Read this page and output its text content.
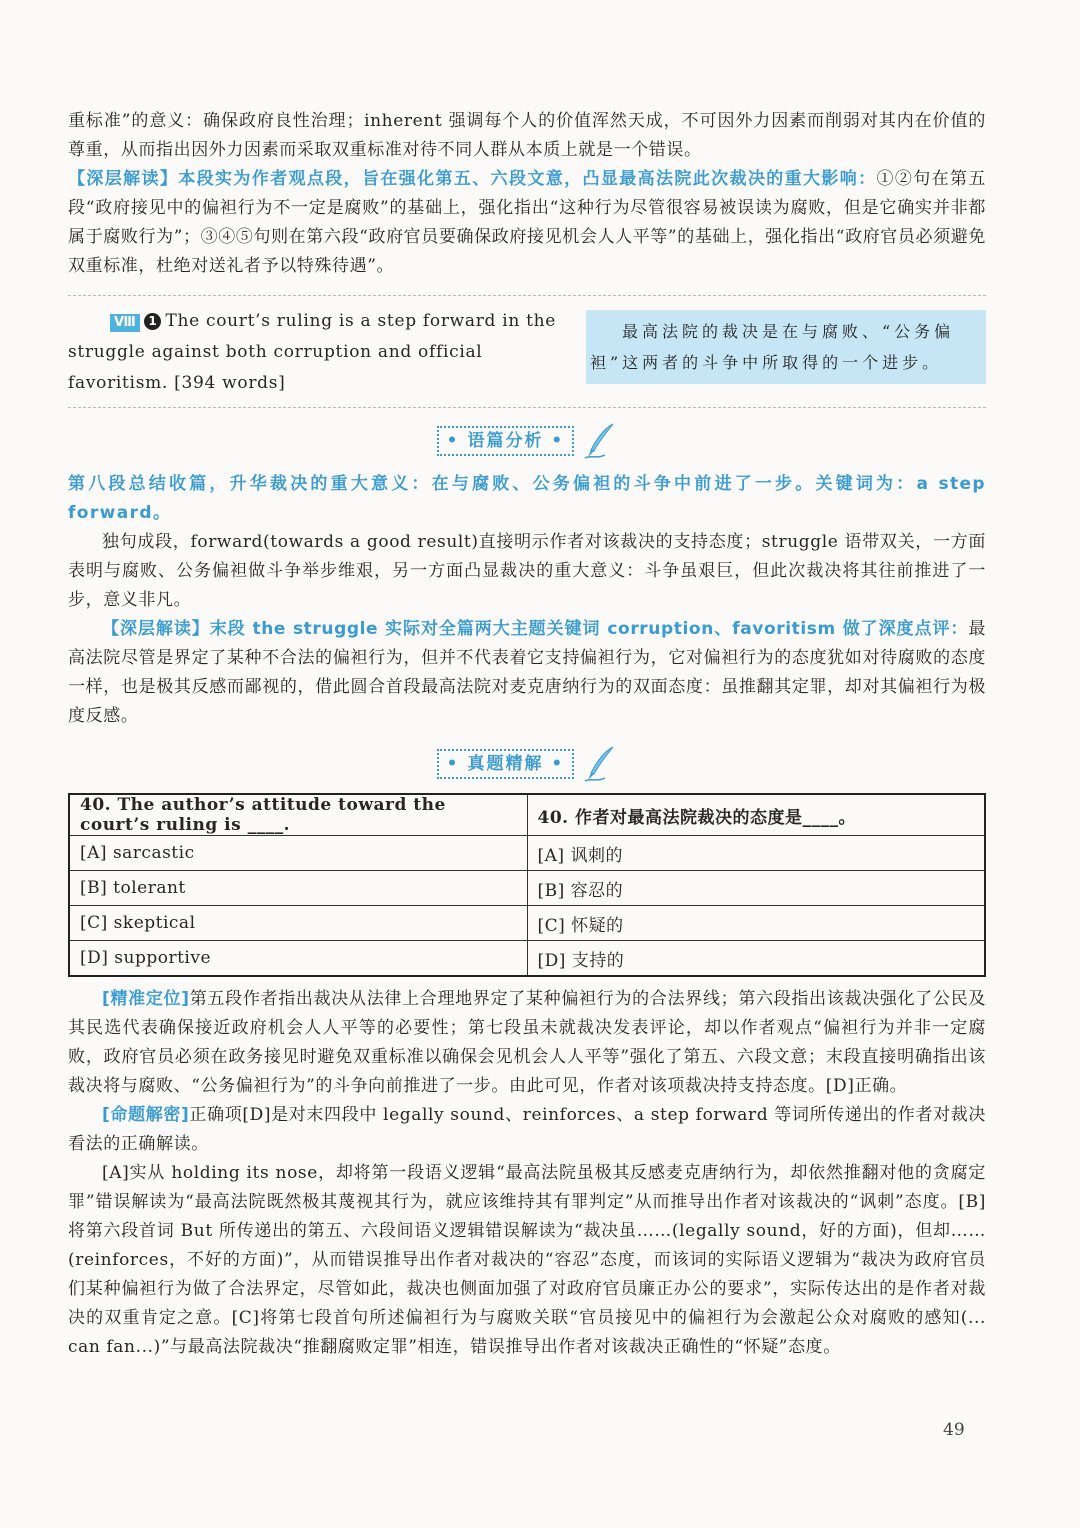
重标准”的意义：确保政府良性治理；inherent 强调每个人的价值浑然天成，不可因外力因素而削弱对其内在价值的尊重，从而指出因外力因素而采取双重标准对待不同人群从本质上就是一个错误。

【深层解读】本段实为作者观点段，旨在强化第五、六段文意，凸显最高法院此次裁决的重大影响：①②句在第五段“政府接见中的偏袒行为不一定是腐败”的基础上，强化指出“这种行为尽管很容易被误读为腐败，但是它确实并非都属于腐败行为”；③④⑤句则在第六段“政府官员要确保政府接见机会人人平等”的基础上，强化指出“政府官员必须避免双重标准，杜绝对送礼者予以特殊待遇”。

Ⅷ 1 The court’s ruling is a step forward in the struggle against both corruption and official favoritism. [394 words]
最高法院的裁决是在与腐败、“公务偏袒”这两者的斗争中所取得的一个进步。
• 语篇分析 •

第八段总结收篇，升华裁决的重大意义：在与腐败、公务偏袒的斗争中前进了一步。关键词为：a step forward。

独句成段，forward(towards a good result)直接明示作者对该裁决的支持态度；struggle 语带双关，一方面表明与腐败、公务偏袒做斗争举步维艰，另一方面凸显裁决的重大意义：斗争虽艰巨，但此次裁决将其往前推进了一步，意义非凡。

【深层解读】末段 the struggle 实际对全篇两大主题关键词 corruption、favoritism 做了深度点评：最高法院尽管是界定了某种不合法的偏袒行为，但并不代表着它支持偏袒行为，它对偏袒行为的态度犹如对待腐败的态度一样，也是极其反感而鄙视的，借此圆合首段最高法院对麦克唐纳行为的双面态度：虽推翻其定罪，却对其偏袒行为极度反感。

• 真题精解 •
40. The author’s attitude toward the court’s ruling is ____.	40. 作者对最高法院裁决的态度是____。
[A] sarcastic	[A] 讽刺的
[B] tolerant	[B] 容忍的
[C] skeptical	[C] 怀疑的
[D] supportive	[D] 支持的

[精准定位]第五段作者指出裁决从法律上合理地界定了某种偏袒行为的合法界线；第六段指出该裁决强化了公民及其民选代表确保接近政府机会人人平等的必要性；第七段虽未就裁决发表评论，却以作者观点“偏袒行为并非一定腐败，政府官员必须在政务接见时避免双重标准以确保会见机会人人平等”强化了第五、六段文意；末段直接明确指出该裁决将与腐败、“公务偏袒行为”的斗争向前推进了一步。由此可见，作者对该项裁决持支持态度。[D]正确。

[命题解密]正确项[D]是对末四段中 legally sound、reinforces、a step forward 等词所传递出的作者对裁决看法的正确解读。

[A]实从 holding its nose，却将第一段语义逻辑“最高法院虽极其反感麦克唐纳行为，却依然推翻对他的贪腐定罪”错误解读为“最高法院既然极其蔑视其行为，就应该维持其有罪判定”从而推导出作者对该裁决的“讽刺”态度。[B]将第六段首词 But 所传递出的第五、六段间语义逻辑错误解读为“裁决虽……(legally sound，好的方面)，但却……(reinforces，不好的方面)”，从而错误推导出作者对裁决的“容忍”态度，而该词的实际语义逻辑为“裁决为政府官员们某种偏袒行为做了合法界定，尽管如此，裁决也侧面加强了对政府官员廉正办公的要求”，实际传达出的是作者对裁决的双重肯定之意。[C]将第七段首句所述偏袒行为与腐败关联“官员接见中的偏袒行为会激起公众对腐败的感知(... can fan...)”与最高法院裁决“推翻腐败定罪”相连，错误推导出作者对该裁决正确性的“怀疑”态度。

49
